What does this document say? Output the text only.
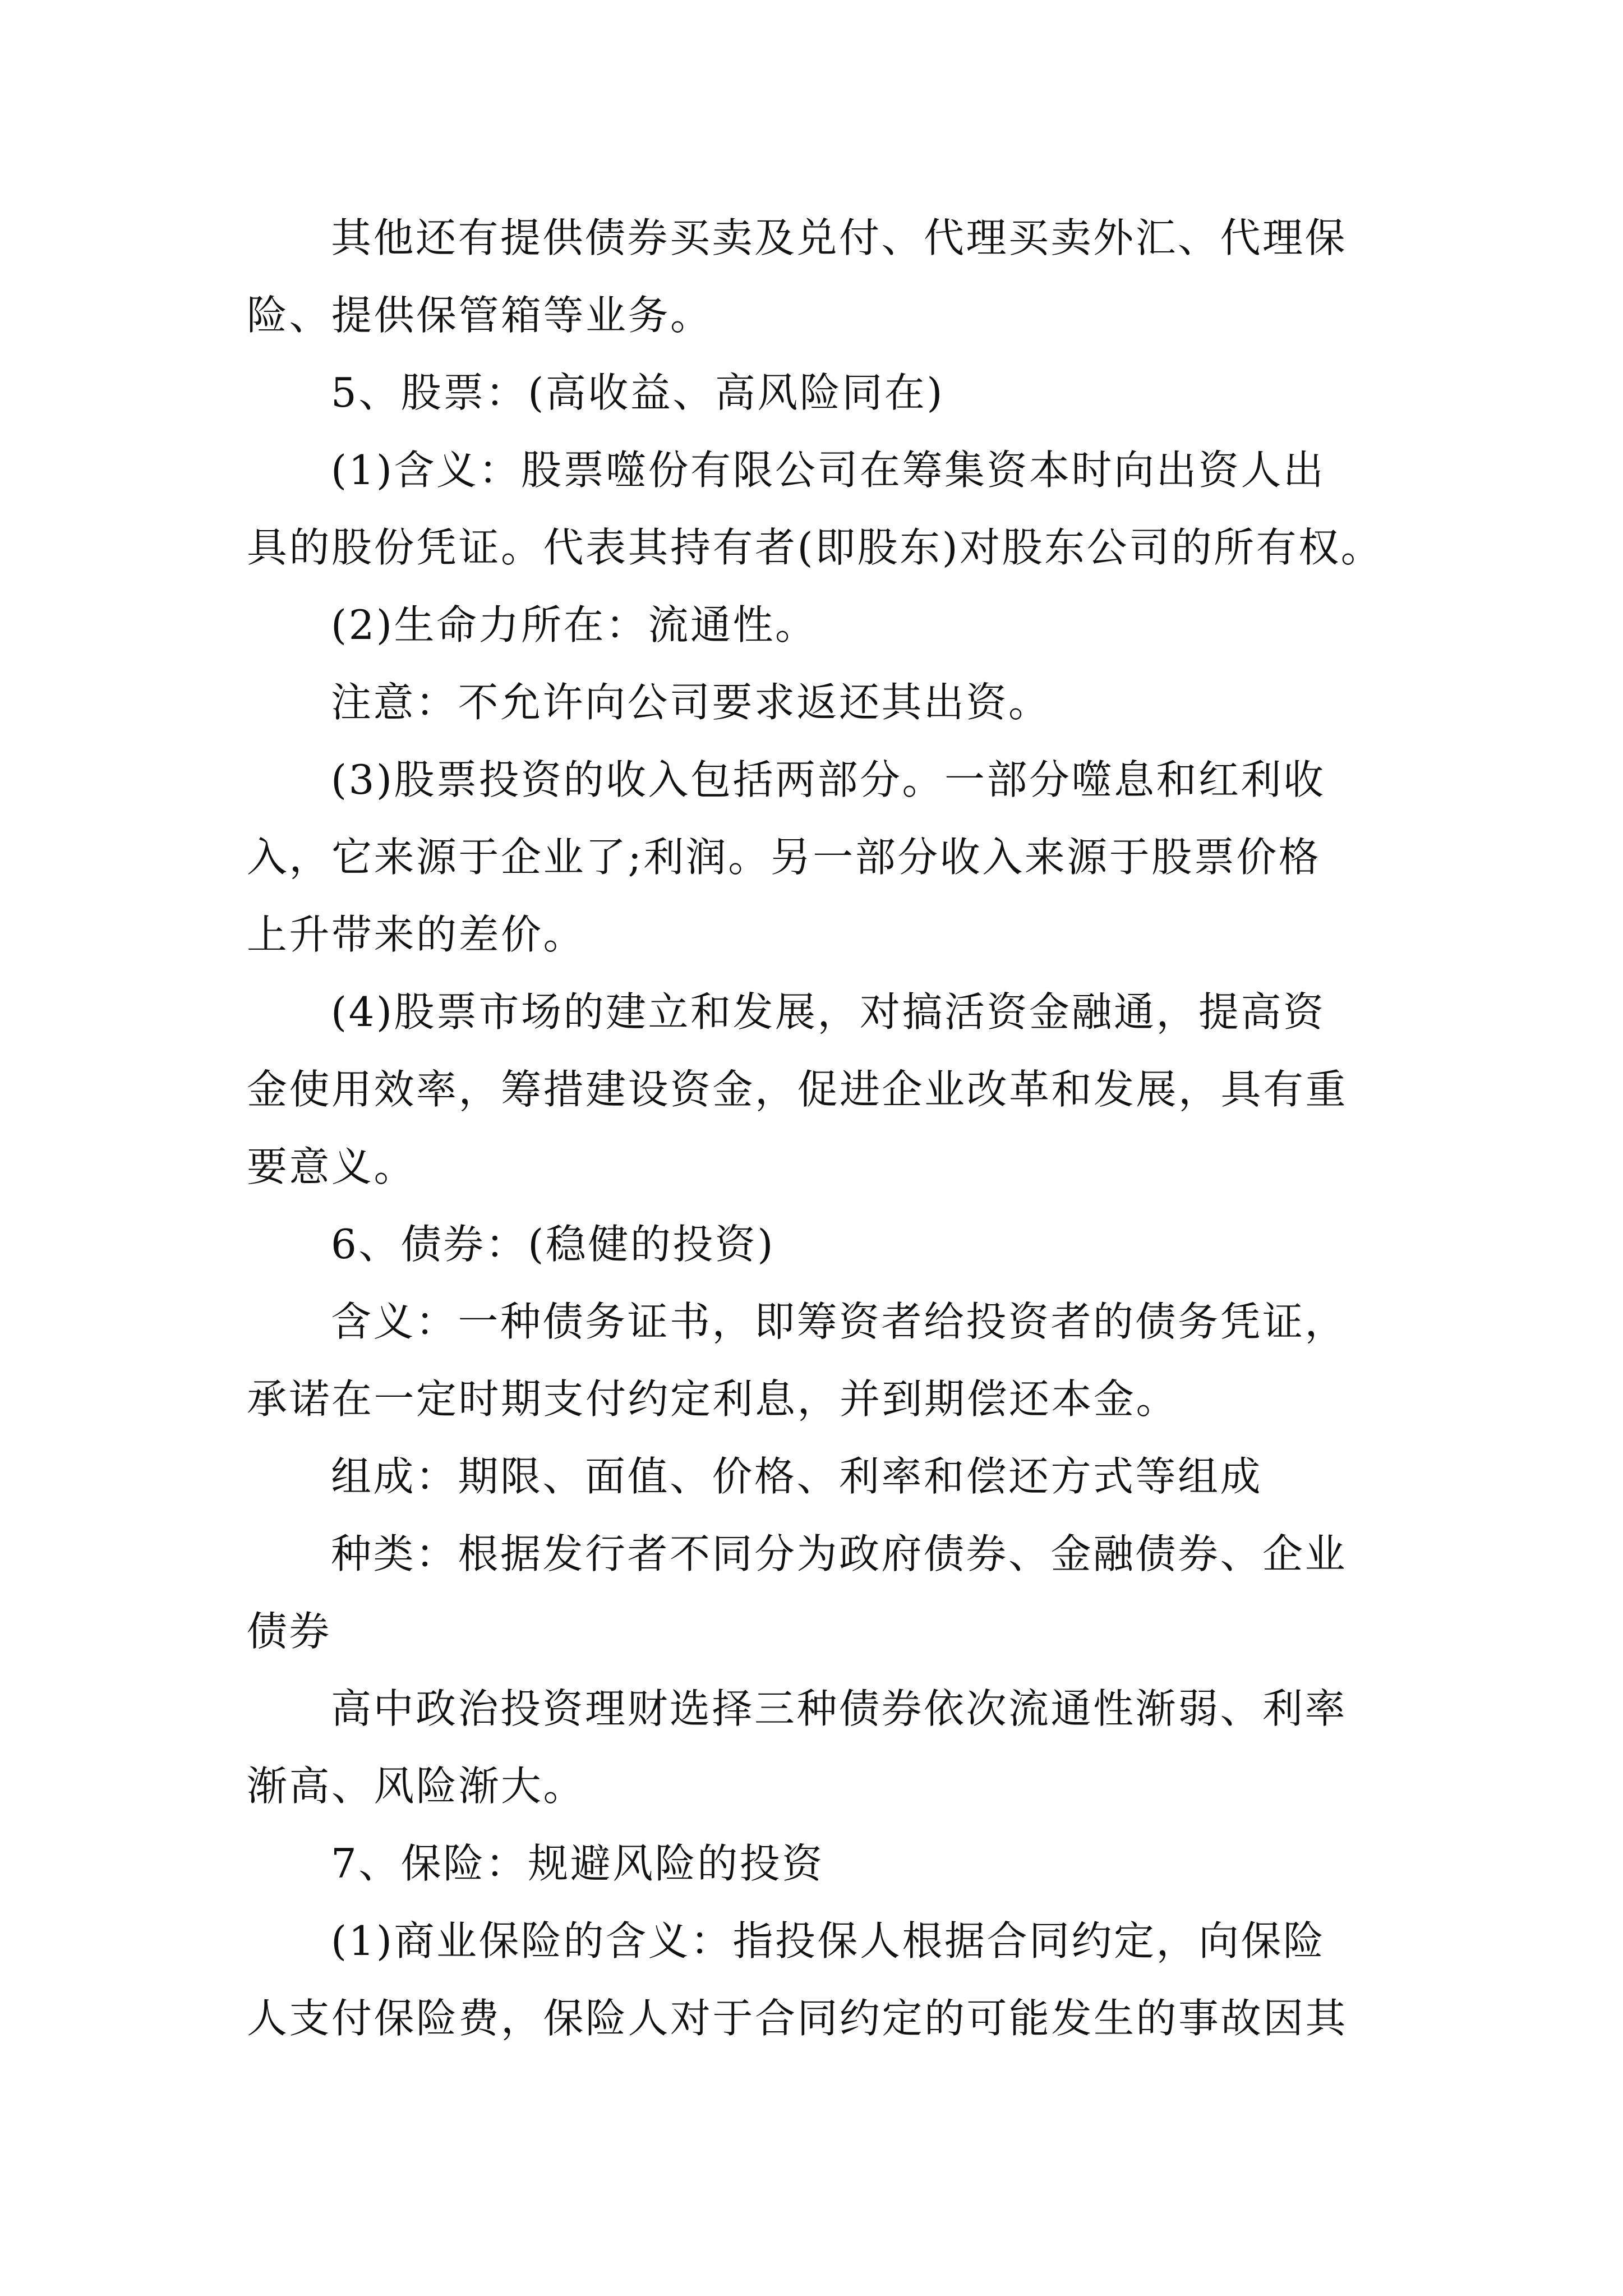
其他还有提供债券买卖及兑付、代理买卖外汇、代理保
险、提供保管箱等业务。
5、股票：(高收益、高风险同在)
(1)含义：股票噬份有限公司在筹集资本时向出资人出
具的股份凭证。代表其持有者(即股东)对股东公司的所有权。
(2)生命力所在：流通性。
注意：不允许向公司要求返还其出资。
(3)股票投资的收入包括两部分。一部分噬息和红利收
入，它来源于企业了;利润。另一部分收入来源于股票价格
上升带来的差价。
(4)股票市场的建立和发展，对搞活资金融通，提高资
金使用效率，筹措建设资金，促进企业改革和发展，具有重
要意义。
6、债券：(稳健的投资)
含义：一种债务证书，即筹资者给投资者的债务凭证，
承诺在一定时期支付约定利息，并到期偿还本金。
组成：期限、面值、价格、利率和偿还方式等组成
种类：根据发行者不同分为政府债券、金融债券、企业
债券
高中政治投资理财选择三种债券依次流通性渐弱、利率
渐高、风险渐大。
7、保险：规避风险的投资
(1)商业保险的含义：指投保人根据合同约定，向保险
人支付保险费，保险人对于合同约定的可能发生的事故因其
